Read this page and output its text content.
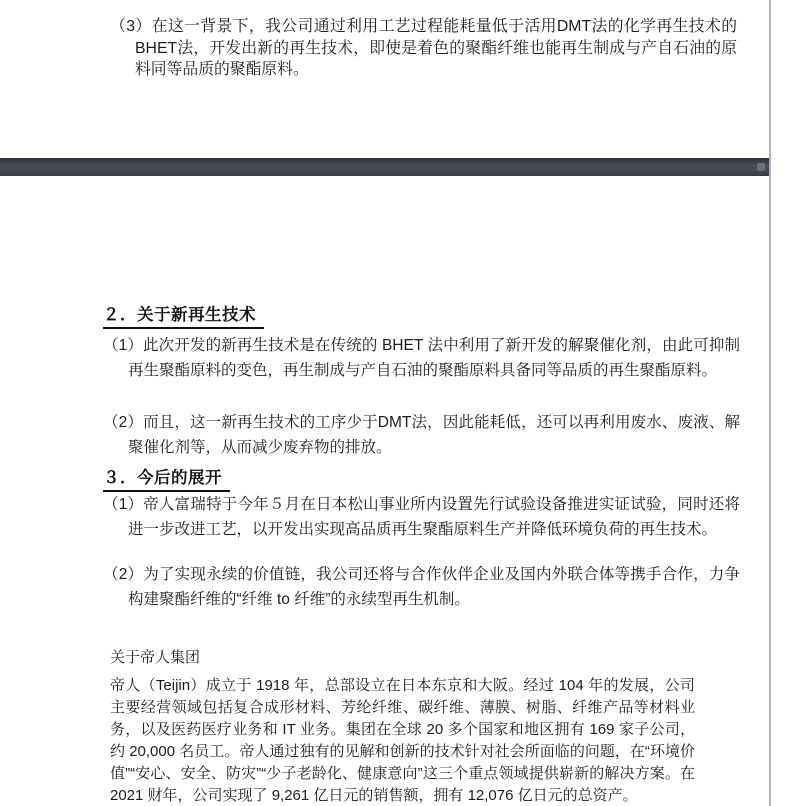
（3）在这一背景下，我公司通过利用工艺过程能耗量低于活用DMT法的化学再生技术的BHET法，开发出新的再生技术，即使是着色的聚酯纤维也能再生制成与产自石油的原料同等品质的聚酯原料。

２．关于新再生技术

（1）此次开发的新再生技术是在传统的 BHET 法中利用了新开发的解聚催化剂，由此可抑制再生聚酯原料的变色，再生制成与产自石油的聚酯原料具备同等品质的再生聚酯原料。

（2）而且，这一新再生技术的工序少于DMT法，因此能耗低，还可以再利用废水、废液、解聚催化剂等，从而减少废弃物的排放。

３．今后的展开

（1）帝人富瑞特于今年５月在日本松山事业所内设置先行试验设备推进实证试验，同时还将进一步改进工艺，以开发出实现高品质再生聚酯原料生产并降低环境负荷的再生技术。

（2）为了实现永续的价值链，我公司还将与合作伙伴企业及国内外联合体等携手合作，力争构建聚酯纤维的“纤维 to 纤维”的永续型再生机制。

关于帝人集团

帝人（Teijin）成立于 1918 年，总部设立在日本东京和大阪。经过 104 年的发展，公司主要经营领域包括复合成形材料、芳纶纤维、碳纤维、薄膜、树脂、纤维产品等材料业务，以及医药医疗业务和 IT 业务。集团在全球 20 多个国家和地区拥有 169 家子公司，约 20,000 名员工。帝人通过独有的见解和创新的技术针对社会所面临的问题，在“环境价值”“安心、安全、防灾”“少子老龄化、健康意向”这三个重点领域提供崭新的解决方案。在 2021 财年，公司实现了 9,261 亿日元的销售额，拥有 12,076 亿日元的总资产。
